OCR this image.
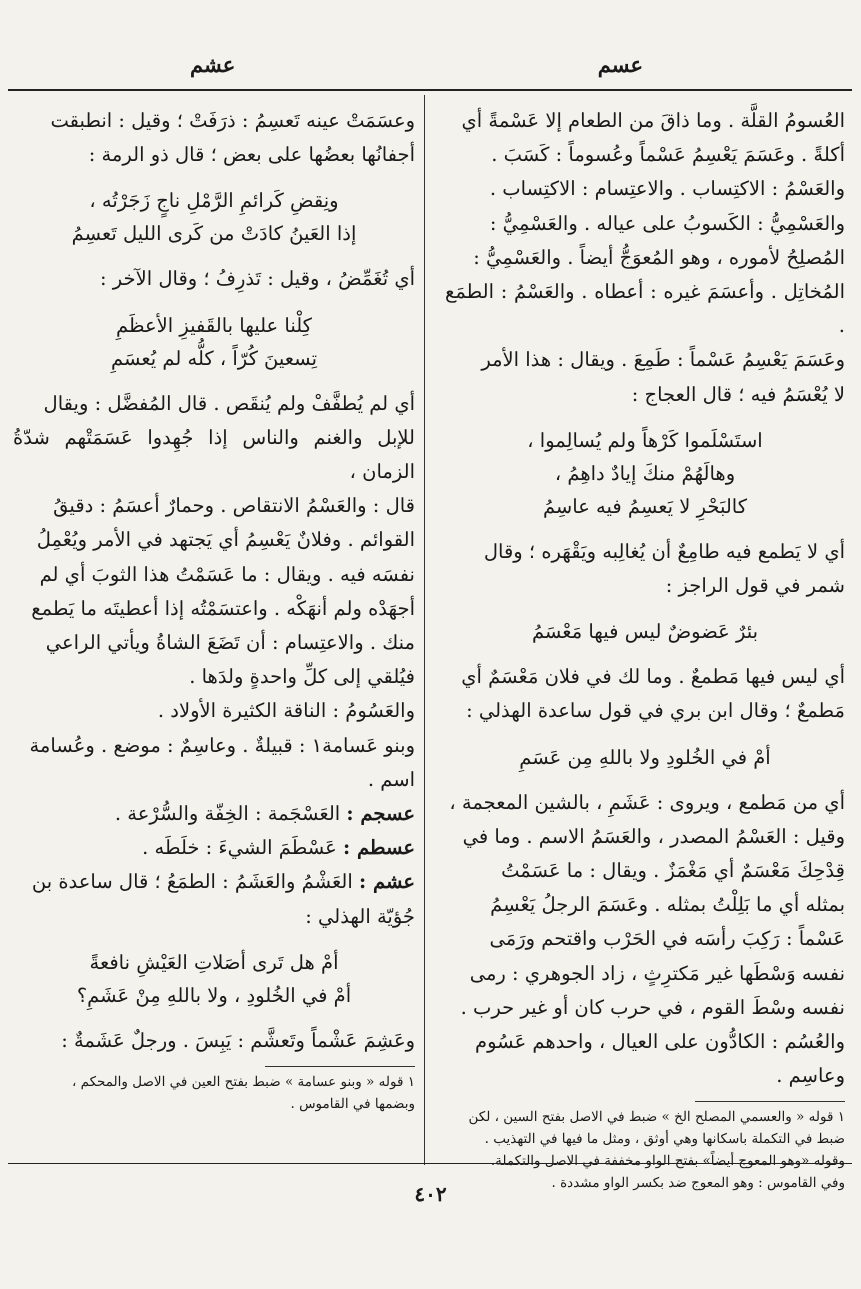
عسم
عشم
العُسومُ القلَّة . وما ذاقَ من الطعام إلا عَسْمةً أي
أكلةً . وعَسَمَ يَعْسِمُ عَسْماً وعُسوماً : كَسَبَ .
والعَسْمُ : الاكتِساب . والاعتِسام : الاكتِساب .
والعَسْمِيُّ : الكَسوبُ على عياله . والعَسْمِيُّ :
المُصلِحُ لأموره ، وهو المُعوَجُّ أيضاً . والعَسْمِيُّ :
المُخاتِل . وأعسَمَ غيره : أعطاه . والعَسْمُ : الطمَع .
وعَسَمَ يَعْسِمُ عَسْماً : طَمِعَ . ويقال : هذا الأمر
لا يُعْسَمُ فيه ؛ قال العجاج :
استَسْلَموا كَرْهاً ولم يُسالِموا ،
وهالَهُمْ منكَ إيادٌ داهِمُ ،
كالبَحْرِ لا يَعسِمُ فيه عاسِمُ
أي لا يَطمع فيه طامِعٌ أن يُغالِبه ويَقْهَره ؛ وقال
شمر في قول الراجز :
بئرٌ عَضوضٌ ليس فيها مَعْسَمُ
أي ليس فيها مَطمعٌ . وما لك في فلان مَعْسَمٌ أي
مَطمعٌ ؛ وقال ابن بري في قول ساعدة الهذلي :
أمْ في الخُلودِ ولا باللهِ مِن عَسَمِ
أي من مَطمع ، ويروى : عَشَمِ ، بالشين المعجمة ،
وقيل : العَسْمُ المصدر ، والعَسَمُ الاسم . وما في
قِدْحِكَ مَعْسَمٌ أي مَغْمَزٌ . ويقال : ما عَسَمْتُ
بمثله أي ما بَلِلْتُ بمثله . وعَسَمَ الرجلُ يَعْسِمُ
عَسْماً : رَكِبَ رأسَه في الحَرْب واقتحم ورَمَى
نفسه وَسْطَها غير مَكترِثٍ ، زاد الجوهري : رمى
نفسه وسْطَ القوم ، في حرب كان أو غير حرب .
والعُسُم : الكادُّون على العيال ، واحدهم عَسُوم
وعاسِم .
١ قوله « والعسمي المصلح الخ » ضبط في الاصل بفتح السين ، لكن
ضبط في التكملة باسكانها وهي أوثق ، ومثل ما فيها في التهذيب .
وقوله «وهو المعوج أيضاً» بفتح الواو مخففة في الاصل والتكملة.
وفي القاموس : وهو المعوج ضد بكسر الواو مشددة .
وعسَمَتْ عينه تَعسِمُ : ذرَفَتْ ؛ وقيل : انطبقت
أجفانُها بعضُها على بعض ؛ قال ذو الرمة :
ونِقضِ كَرائمِ الرَّمْلِ ناجٍ زَجَرْتُه ،
إذا العَينُ كادَتْ من كَرى الليل تَعسِمُ
أي تُغَمِّضُ ، وقيل : تَذرِفُ ؛ وقال الآخر :
كِلْنا عليها بالقَفيزِ الأعظَمِ
تِسعينَ كُرّاً ، كلُّه لم يُعسَمِ
أي لم يُطفَّفْ ولم يُنقَص . قال المُفضَّل : ويقال
للإبل والغنم والناس إذا جُهِدوا عَسَمَتْهم شدّةُ الزمان ،
قال : والعَسْمُ الانتقاص . وحمارٌ أعسَمُ : دقيقُ
القوائم . وفلانٌ يَعْسِمُ أي يَجتهد في الأمر ويُعْمِلُ
نفسَه فيه . ويقال : ما عَسَمْتُ هذا الثوبَ أي لم
أجهَدْه ولم أنهَكْه . واعتسَمْتُه إذا أعطيتَه ما يَطمع
منك . والاعتِسام : أن تَضَعَ الشاةُ ويأتي الراعي
فيُلقي إلى كلِّ واحدةٍ ولدَها .
والعَسُومُ : الناقة الكثيرة الأولاد .
وبنو عَسامة١ : قبيلةٌ . وعاسِمٌ : موضع . وعُسامة
اسم .
عسجم : العَسْجَمة : الخِفّة والسُّرْعة .
عسطم : عَسْطَمَ الشيءَ : خلَطَه .
عشم : العَشْمُ والعَشَمُ : الطمَعُ ؛ قال ساعدة بن
جُؤيّة الهذلي :
أمْ هل تَرى أصَلاتِ العَيْشِ نافعةً
أمْ في الخُلودِ ، ولا باللهِ مِنْ عَشَمِ؟
وعَشِمَ عَشْماً وتَعشَّم : يَبِسَ . ورجلٌ عَشَمةٌ :
١ قوله « وبنو عسامة » ضبط بفتح العين في الاصل والمحكم ،
وبضمها في القاموس .
٤٠٢
